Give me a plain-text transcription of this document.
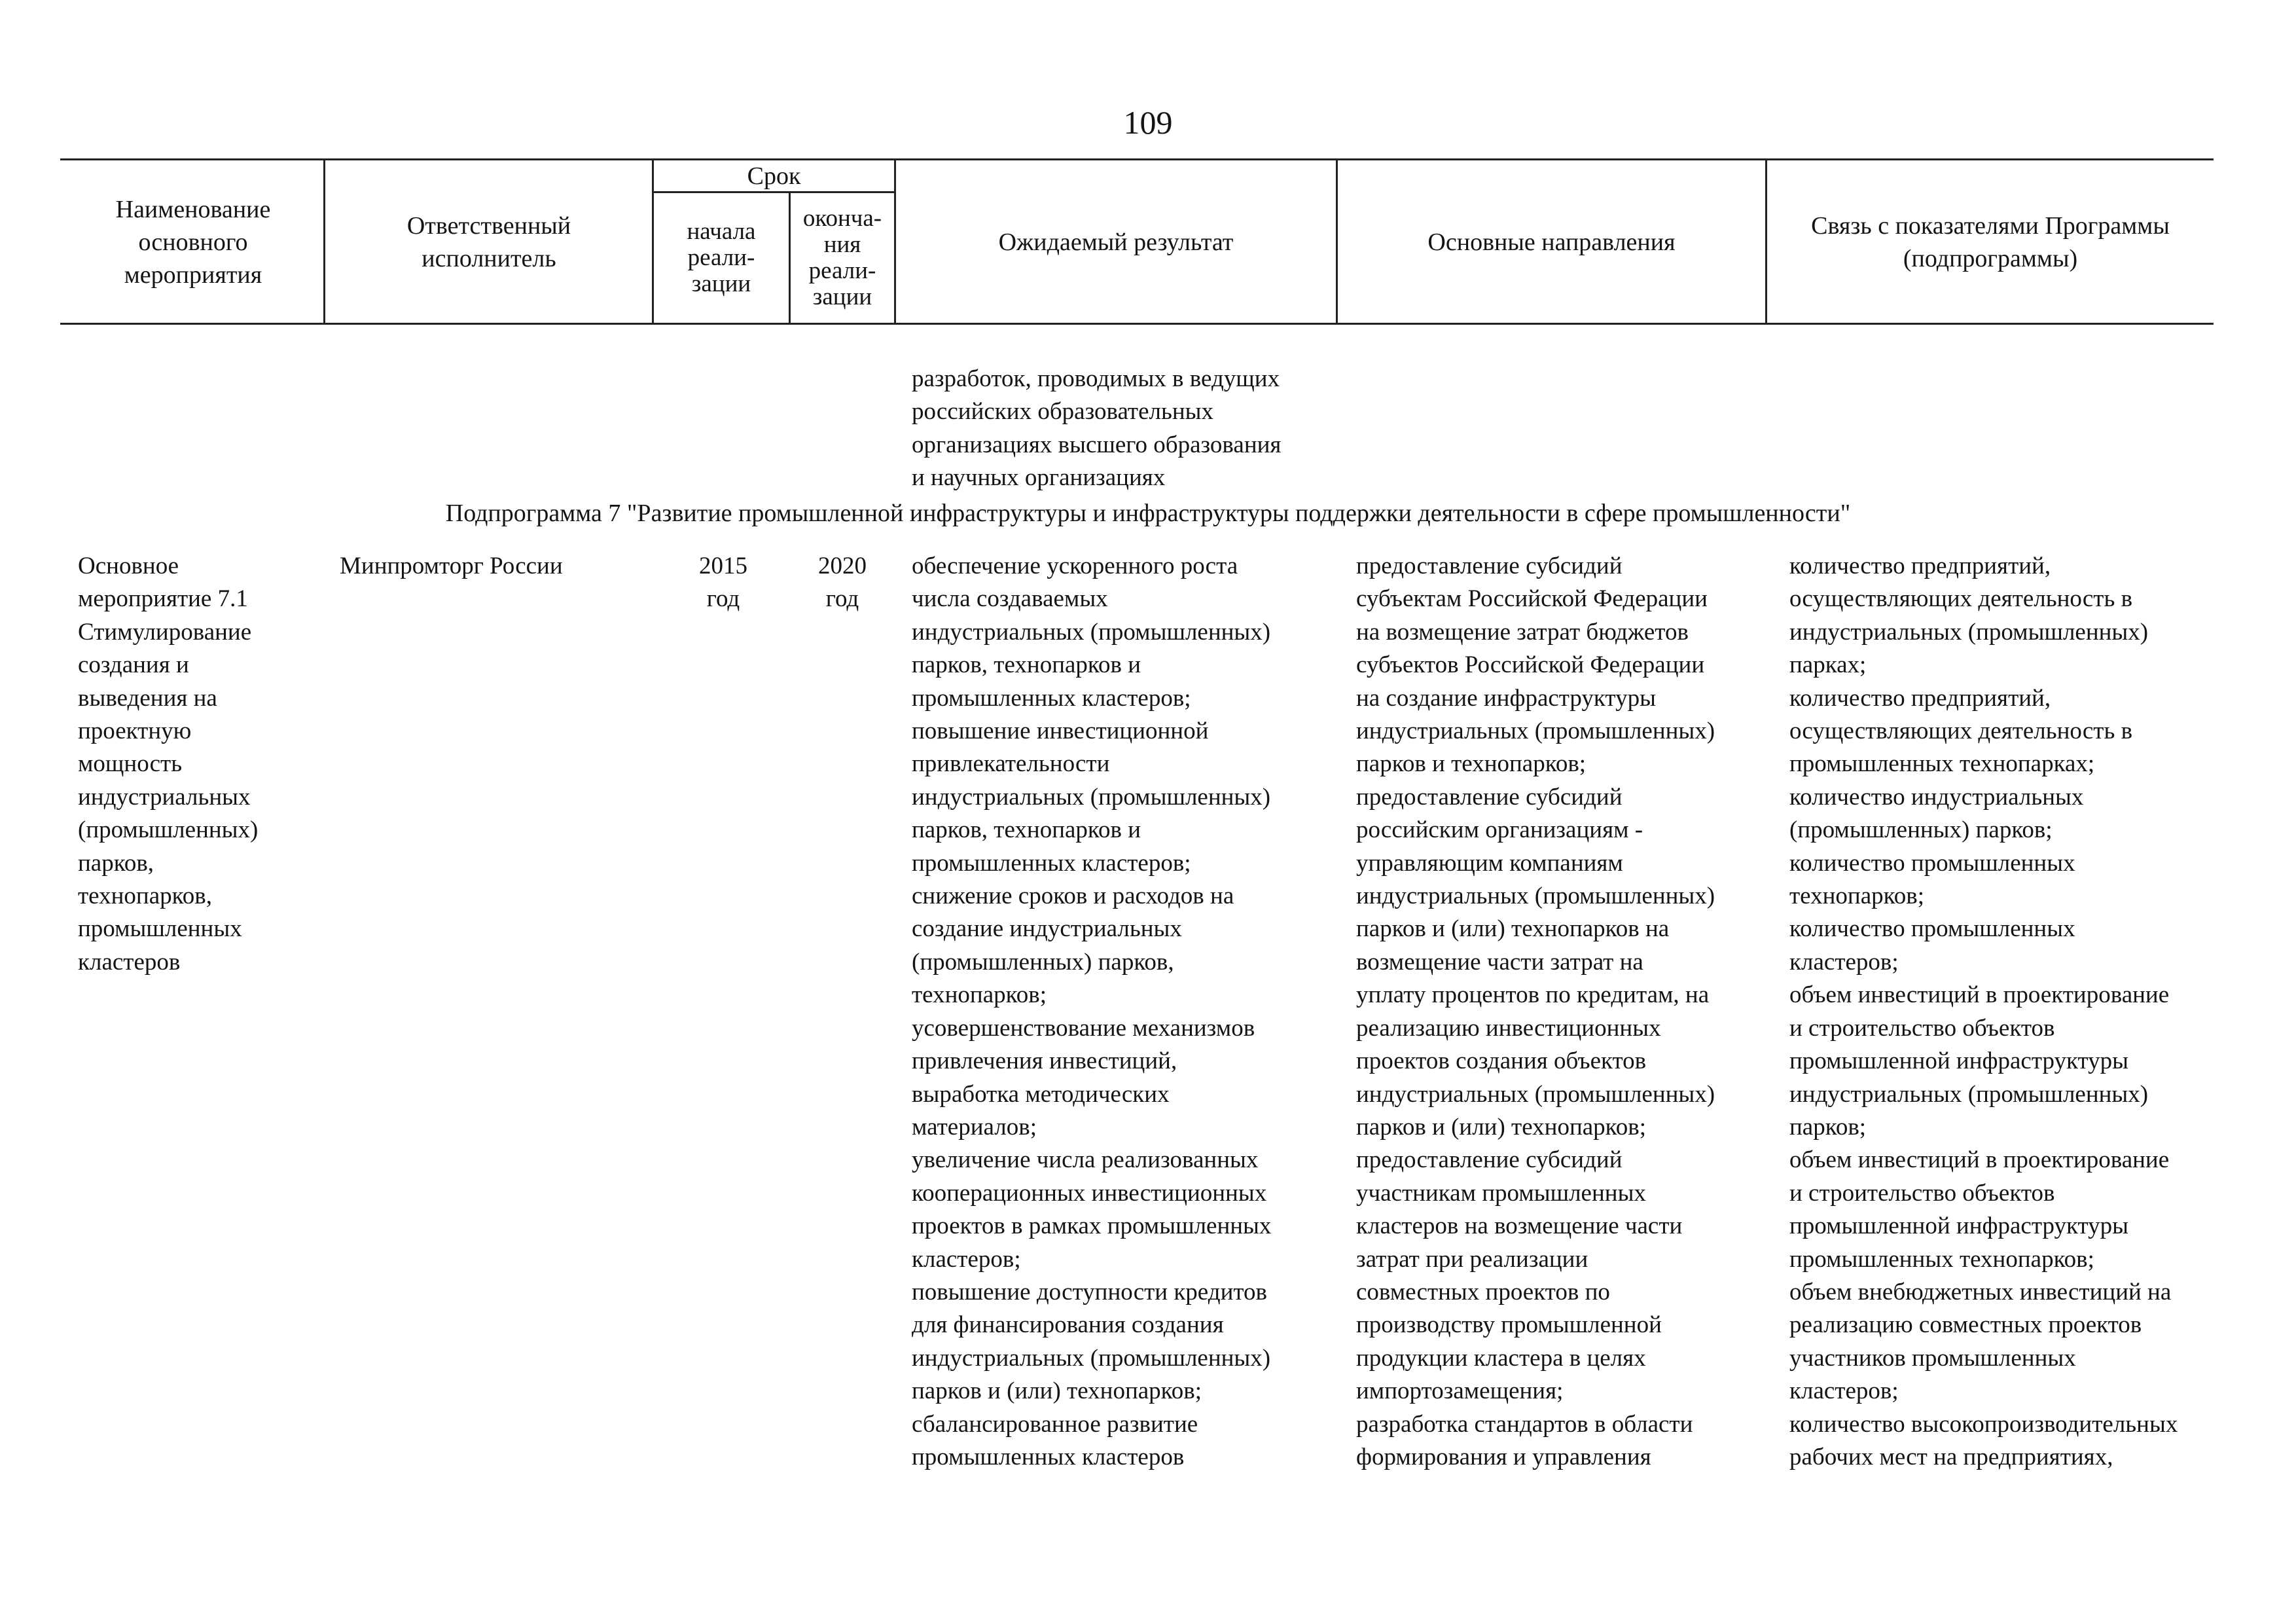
109
Наименование основного мероприятия
Ответственный исполнитель
Срок
начала реали- зации
оконча- ния реали- зации
Ожидаемый результат	Основные направления
Связь с показателями Программы (подпрограммы)
разработок, проводимых в ведущих
российских образовательных
организациях высшего образования
и научных организациях
Подпрограмма 7 "Развитие промышленной инфраструктуры и инфраструктуры поддержки деятельности в сфере промышленности"
Основное
мероприятие 7.1
Стимулирование
создания и
выведения на
проектную
мощность
индустриальных
(промышленных)
парков,
технопарков,
промышленных
кластеров
Минпромторг России	2015
год
2020
год
обеспечение ускоренного роста
числа создаваемых
индустриальных (промышленных)
парков, технопарков и
промышленных кластеров;
повышение инвестиционной
привлекательности
индустриальных (промышленных)
парков, технопарков и
промышленных кластеров;
снижение сроков и расходов на
создание индустриальных
(промышленных) парков,
технопарков;
усовершенствование механизмов
привлечения инвестиций,
выработка методических
материалов;
увеличение числа реализованных
кооперационных инвестиционных
проектов в рамках промышленных
кластеров;
повышение доступности кредитов
для финансирования создания
индустриальных (промышленных)
парков и (или) технопарков;
сбалансированное развитие
промышленных кластеров
предоставление субсидий
субъектам Российской Федерации
на возмещение затрат бюджетов
субъектов Российской Федерации
на создание инфраструктуры
индустриальных (промышленных)
парков и технопарков;
предоставление субсидий
российским организациям -
управляющим компаниям
индустриальных (промышленных)
парков и (или) технопарков на
возмещение части затрат на
уплату процентов по кредитам, на
реализацию инвестиционных
проектов создания объектов
индустриальных (промышленных)
парков и (или) технопарков;
предоставление субсидий
участникам промышленных
кластеров на возмещение части
затрат при реализации
совместных проектов по
производству промышленной
продукции кластера в целях
импортозамещения;
разработка стандартов в области
формирования и управления
количество предприятий,
осуществляющих деятельность в
индустриальных (промышленных)
парках;
количество предприятий,
осуществляющих деятельность в
промышленных технопарках;
количество индустриальных
(промышленных) парков;
количество промышленных
технопарков;
количество промышленных
кластеров;
объем инвестиций в проектирование
и строительство объектов
промышленной инфраструктуры
индустриальных (промышленных)
парков;
объем инвестиций в проектирование
и строительство объектов
промышленной инфраструктуры
промышленных технопарков;
объем внебюджетных инвестиций на
реализацию совместных проектов
участников промышленных
кластеров;
количество высокопроизводительных
рабочих мест на предприятиях,
